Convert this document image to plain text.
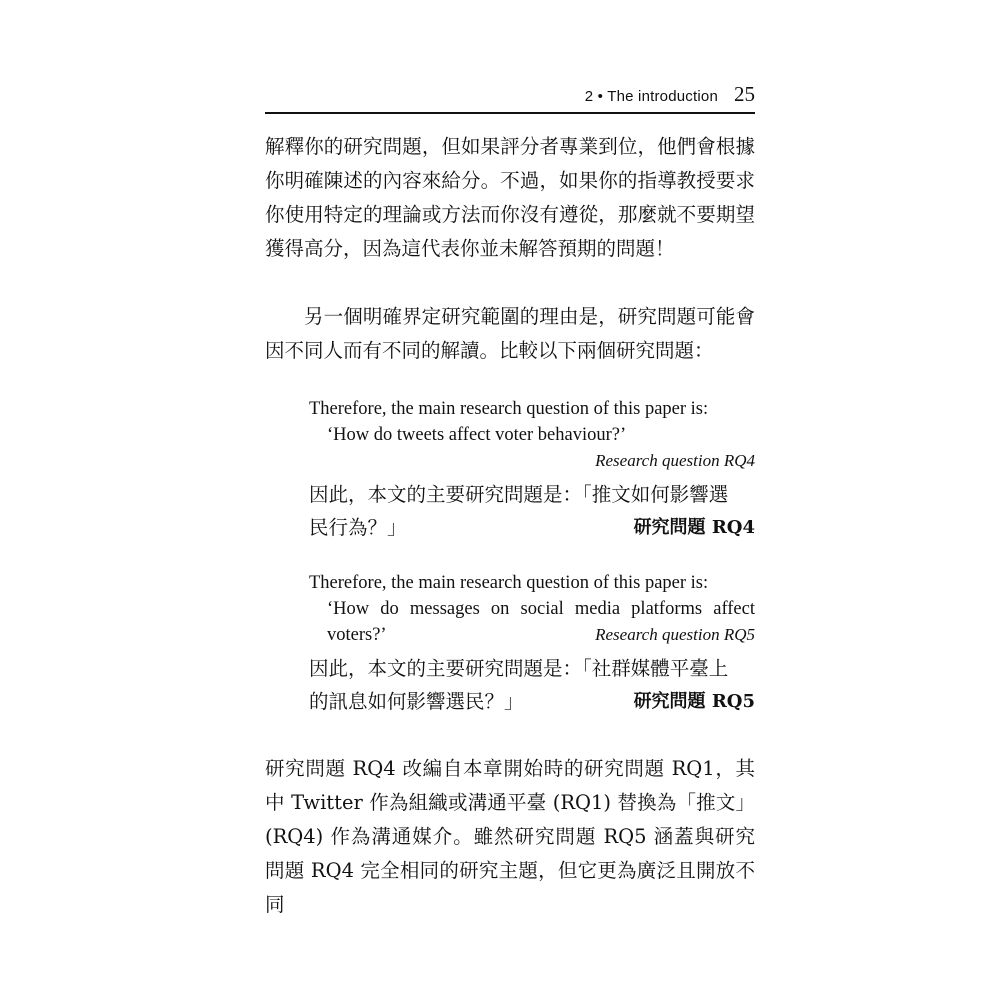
2 • The introduction 25

解釋你的研究問題，但如果評分者專業到位，他們會根據你明確陳述的內容來給分。不過，如果你的指導教授要求你使用特定的理論或方法而你沒有遵從，那麼就不要期望獲得高分，因為這代表你並未解答預期的問題！

另一個明確界定研究範圍的理由是，研究問題可能會因不同人而有不同的解讀。比較以下兩個研究問題：

Therefore, the main research question of this paper is:

‘How do tweets affect voter behaviour?’

Research question RQ4
因此，本文的主要研究問題是：「推文如何影響選
民行為？」	研究問題 RQ4

Therefore, the main research question of this paper is:

‘How do messages on social media platforms affect

voters?’	Research question RQ5
因此，本文的主要研究問題是：「社群媒體平臺上
的訊息如何影響選民？」	研究問題 RQ5

研究問題 RQ4 改編自本章開始時的研究問題 RQ1，其中 Twitter 作為組織或溝通平臺 (RQ1) 替換為「推文」(RQ4) 作為溝通媒介。雖然研究問題 RQ5 涵蓋與研究問題 RQ4 完全相同的研究主題，但它更為廣泛且開放不同
